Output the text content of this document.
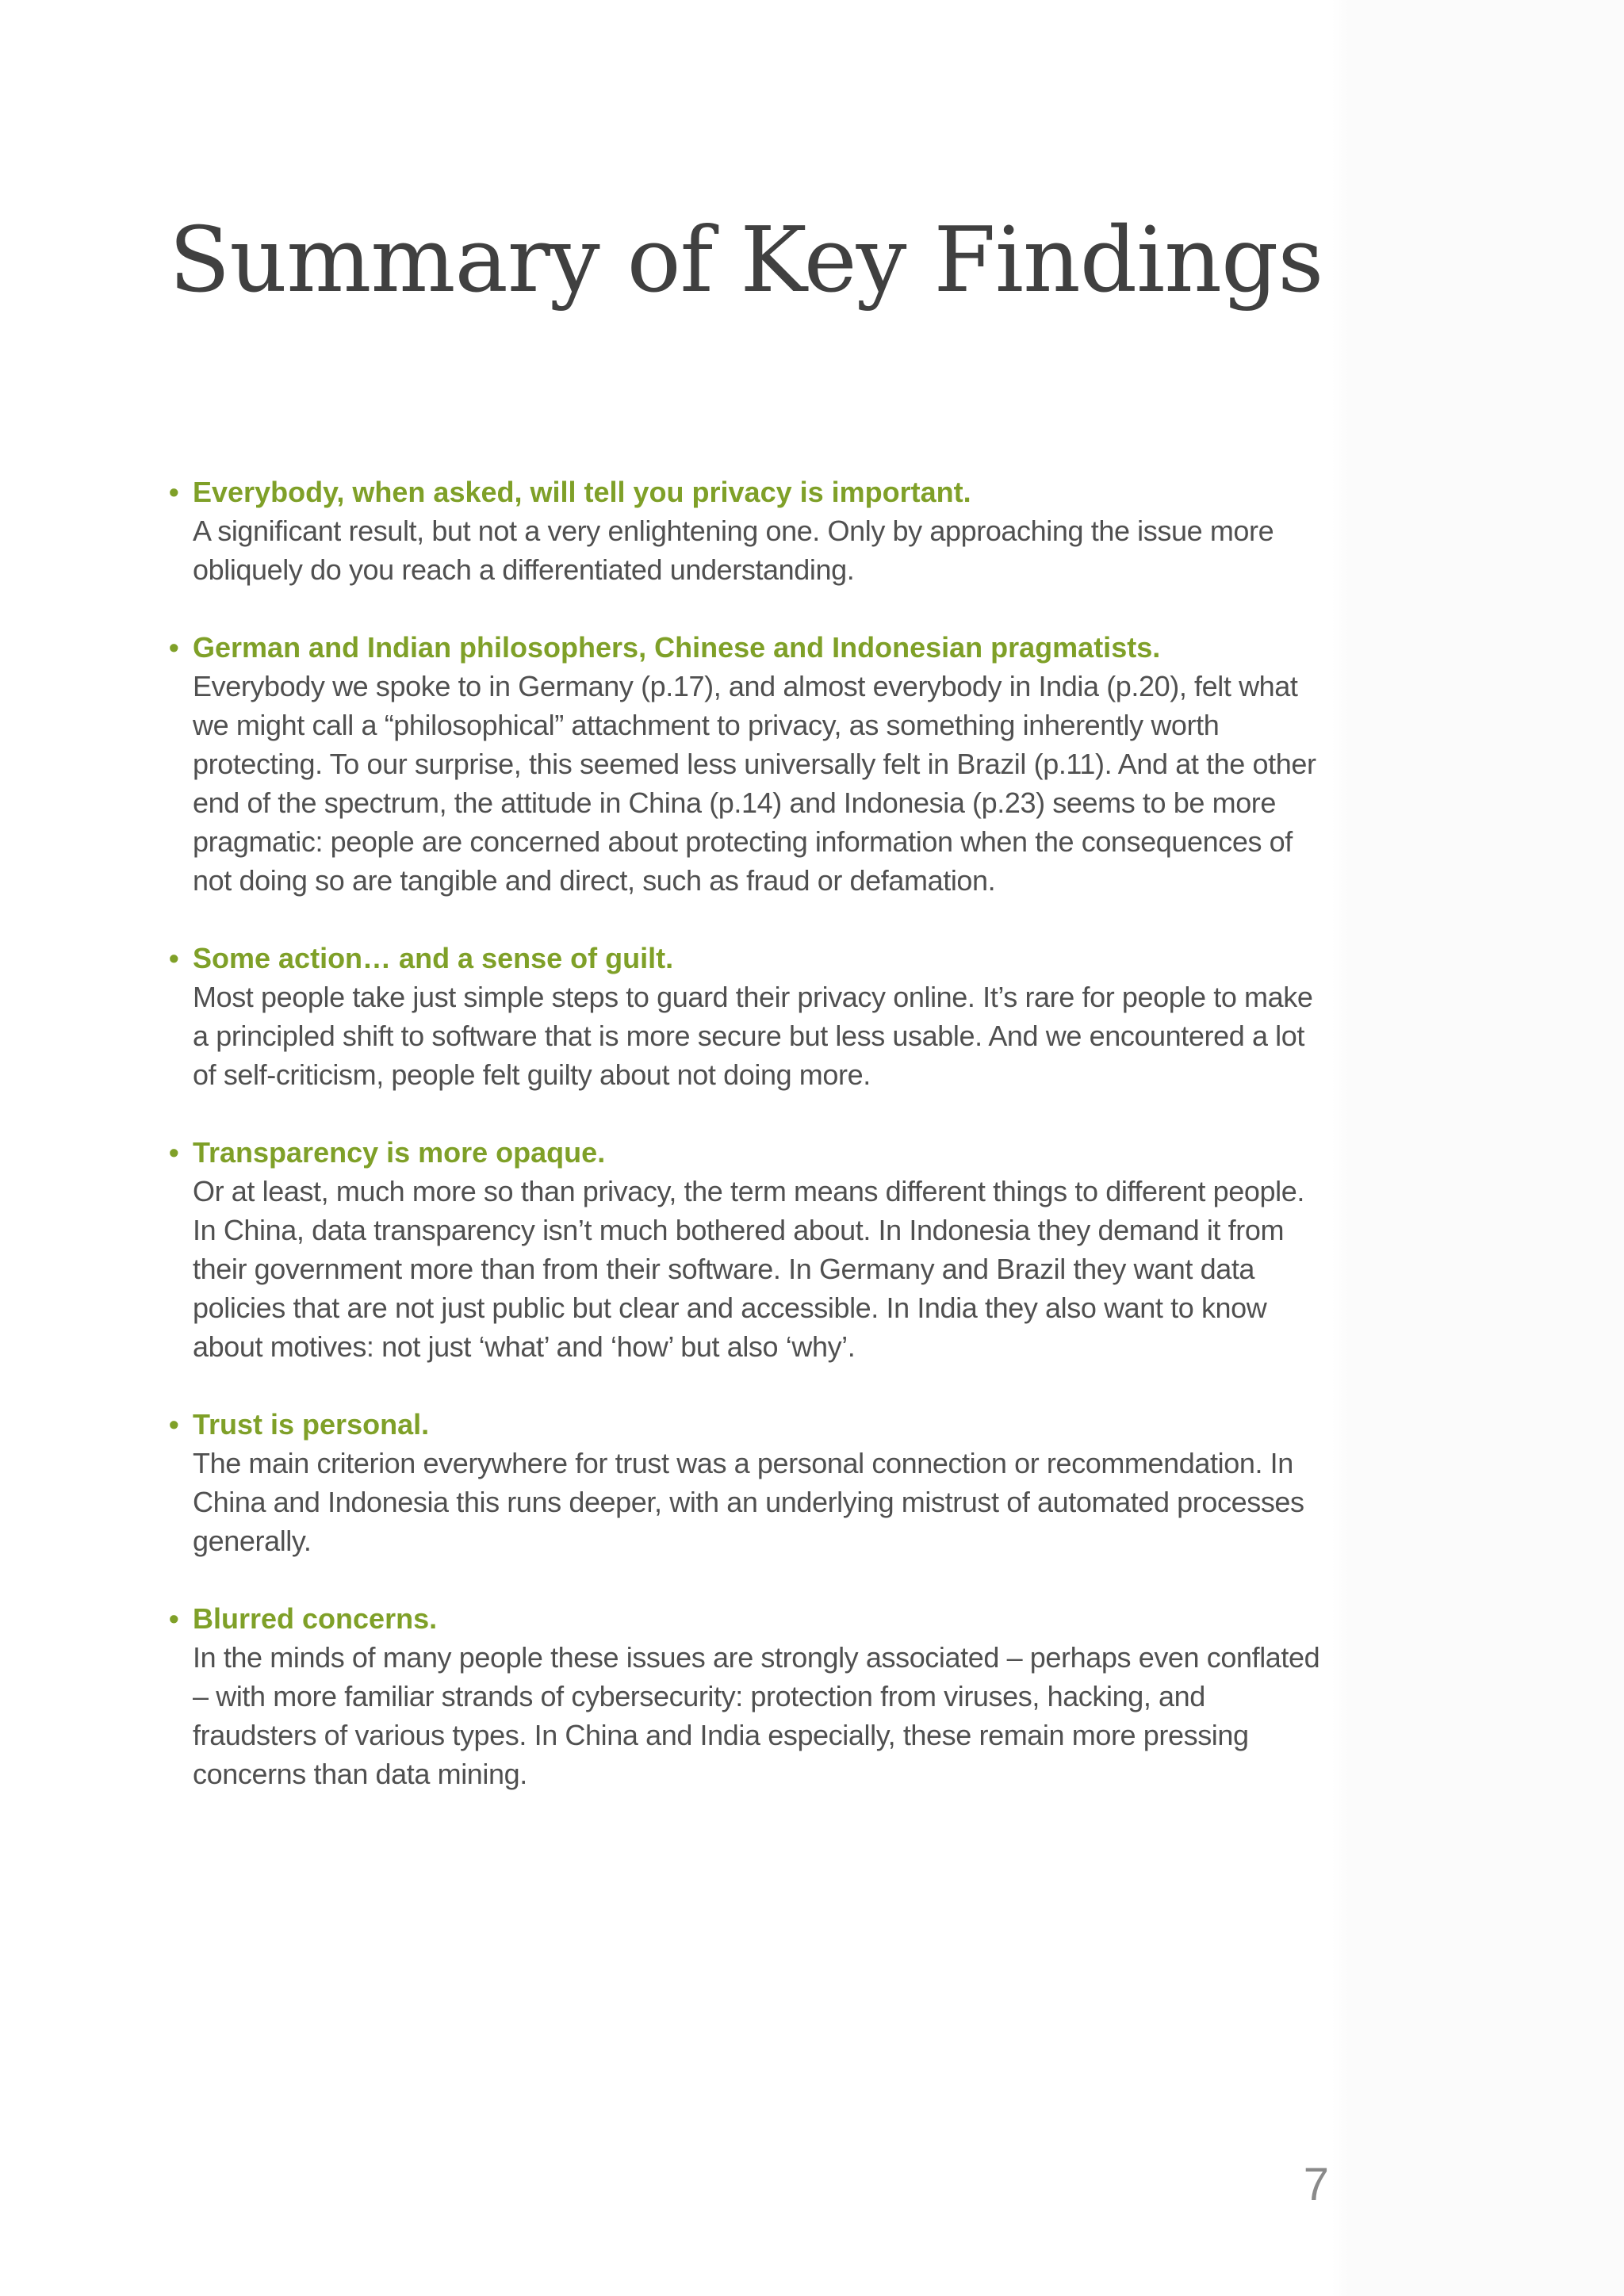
Summary of Key Findings
• Everybody, when asked, will tell you privacy is important.

A significant result, but not a very enlightening one. Only by approaching the issue more obliquely do you reach a differentiated understanding.

• German and Indian philosophers, Chinese and Indonesian pragmatists.

Everybody we spoke to in Germany (p.17), and almost everybody in India (p.20), felt what we might call a “philosophical” attachment to privacy, as something inherently worth protecting. To our surprise, this seemed less universally felt in Brazil (p.11). And at the other end of the spectrum, the attitude in China (p.14) and Indonesia (p.23) seems to be more pragmatic: people are concerned about protecting information when the consequences of not doing so are tangible and direct, such as fraud or defamation.

• Some action… and a sense of guilt.

Most people take just simple steps to guard their privacy online. It’s rare for people to make a principled shift to software that is more secure but less usable. And we encountered a lot of self-criticism, people felt guilty about not doing more.

• Transparency is more opaque.

Or at least, much more so than privacy, the term means different things to different people. In China, data transparency isn’t much bothered about. In Indonesia they demand it from their government more than from their software. In Germany and Brazil they want data policies that are not just public but clear and accessible. In India they also want to know about motives: not just ‘what’ and ‘how’ but also ‘why’.

• Trust is personal.

The main criterion everywhere for trust was a personal connection or recommendation. In China and Indonesia this runs deeper, with an underlying mistrust of automated processes generally.

• Blurred concerns.

In the minds of many people these issues are strongly associated – perhaps even conflated – with more familiar strands of cybersecurity: protection from viruses, hacking, and fraudsters of various types. In China and India especially, these remain more pressing concerns than data mining.

7
